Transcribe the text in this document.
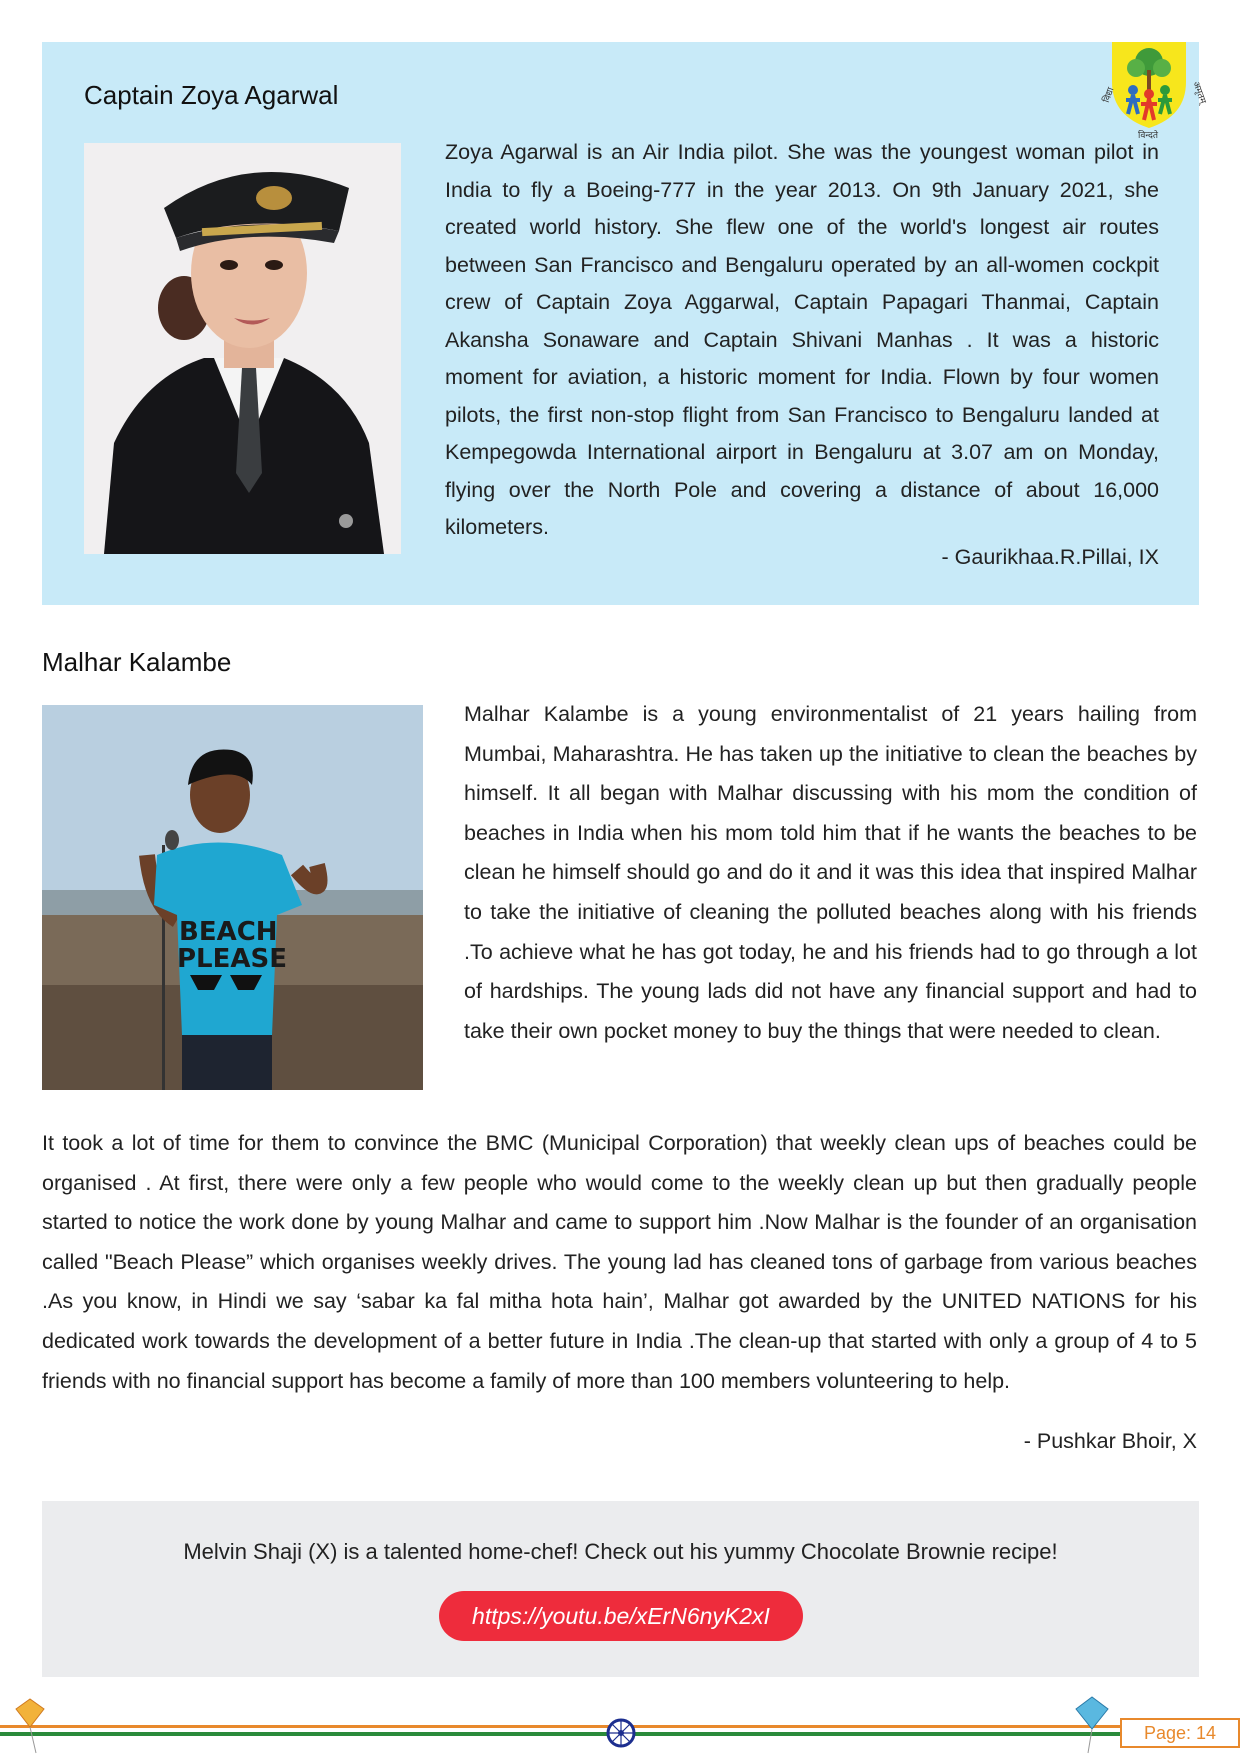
Captain Zoya Agarwal
Zoya Agarwal is an Air India pilot. She was the youngest woman pilot in India to fly a Boeing-777 in the year 2013. On 9th January 2021, she created world history. She flew one of the world's longest air routes between San Francisco and Bengaluru operated by an all-women cockpit crew of Captain Zoya Aggarwal, Captain Papagari Thanmai, Captain Akansha Sonaware and Captain Shivani Manhas . It was a historic moment for aviation, a historic moment for India. Flown by four women pilots, the first non-stop flight from San Francisco to Bengaluru landed at Kempegowda International airport in Bengaluru at 3.07 am on Monday, flying over the North Pole and covering a distance of about 16,000 kilometers.
- Gaurikhaa.R.Pillai, IX
विद्या	अमृतम्
विन्दते
Malhar Kalambe
BEACH
PLEASE
Malhar Kalambe is a young environmentalist of 21 years hailing from Mumbai, Maharashtra. He has taken up the initiative to clean the beaches by himself. It all began with Malhar discussing with his mom the condition of beaches in India when his mom told him that if he wants the beaches to be clean he himself should go and do it and it was this idea that inspired Malhar to take the initiative of cleaning the polluted beaches along with his friends .To achieve what he has got today, he and his friends had to go through a lot of hardships. The young lads did not have any financial support and had to take their own pocket money to buy the things that were needed to clean.
It took a lot of time for them to convince the BMC (Municipal Corporation) that weekly clean ups of beaches could be organised . At first, there were only a few people who would come to the weekly clean up but then gradually people started to notice the work done by young Malhar and came to support him .Now Malhar is the founder of an organisation called "Beach Please” which organises weekly drives. The young lad has cleaned tons of garbage from various beaches .As you know, in Hindi we say ‘sabar ka fal mitha hota hain’, Malhar got awarded by the UNITED NATIONS for his dedicated work towards the development of a better future in India .The clean-up that started with only a group of 4 to 5 friends with no financial support has become a family of more than 100 members volunteering to help.
- Pushkar Bhoir, X
Melvin Shaji (X) is a talented home-chef! Check out his yummy Chocolate Brownie recipe!
https://youtu.be/xErN6nyK2xI
Page: 14
